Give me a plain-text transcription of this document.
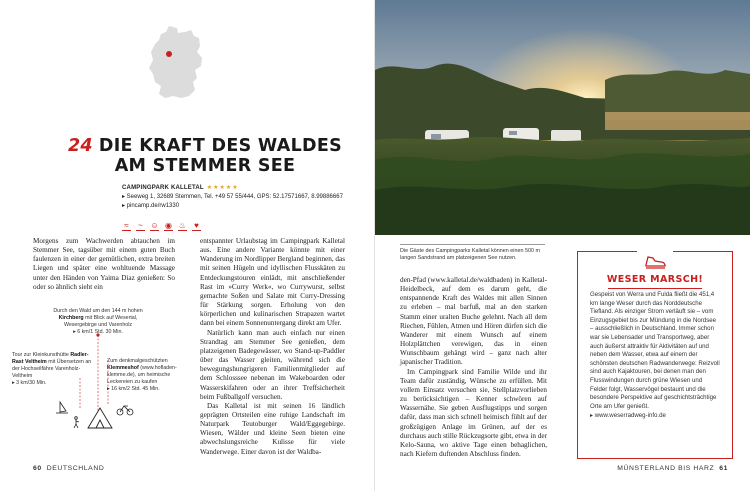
24 DIE KRAFT DES WALDES AM STEMMER SEE
CAMPINGPARK KALLETAL ★★★★★
▸ Seeweg 1, 32689 Stemmen, Tel. +49 57 55/444, GPS: 52.17571667, 8.99886667
▸ pincamp.de/rw1330
≈ ~ ☺ ◉ ♨ ♥

Morgens zum Wachwerden abtauchen im Stemmer See, tagsüber mit einem guten Buch faulenzen in einer der gemütlichen, extra breiten Liegen und später eine wohltuende Massage unter den Händen von Yaima Diaz genießen: So oder so ähnlich sieht ein

Durch den Wald um den 144 m hohen Kirchberg mit Blick auf Wesertal, Wesergebirge und Varenholz
▸ 6 km/1 Std. 30 Min.
Tour zur Kleinkunsthütte Radler-Rast Veltheim mit Übersetzen an der Hochseilfähre Varenholz-Veltheim
▸ 3 km/30 Min.
Zum denkmalgeschützten Klemmeshof (www.hofladen-klemme.de), um heimische Leckereien zu kaufen
▸ 16 km/2 Std. 45 Min.

entspannter Urlaubstag im Campingpark Kalletal aus. Eine andere Variante könnte mit einer Wanderung im Nordlipper Bergland beginnen, das mit seinen Hügeln und idyllischen Flusskäten zu Entdeckungstouren einlädt, mit anschließender Rast im »Curry Werk«, wo Currywurst, selbst gemachte Soßen und Salate mit Curry-Dressing für Stärkung sorgen. Erholung von den körperlichen und kulinarischen Strapazen wartet dann bei einem Sonnenuntergang direkt am Ufer.

Natürlich kann man auch einfach nur einen Strandtag am Stemmer See genießen, dem platzeigenen Badegewässer, wo Stand-up-Paddler über das Wasser gleiten, während sich die bewegungshungrigeren Familienmitglieder auf dem Schlosssee nebenan im Wakeboarden oder Wasserskifahren oder an ihrer Treffsicherheit beim Fußballgolf versuchen.

Das Kalletal ist mit seinen 16 ländlich geprägten Ortsteilen eine ruhige Landschaft im Naturpark Teutoburger Wald/Eggegebirge. Wiesen, Wälder und kleine Seen bieten eine abwechslungsreiche Kulisse für viele Wanderwege. Einer davon ist der Waldba-

60 DEUTSCHLAND
Die Gäste des Campingparks Kalletal können einen 500 m langen Sandstrand am platzeigenen See nutzen.

den-Pfad (www.kalletal.de/waldbaden) in Kalletal-Heidelbeck, auf dem es darum geht, die entspannende Kraft des Waldes mit allen Sinnen zu erleben – mal barfuß, mal an den starken Stamm einer uralten Buche gelehnt. Nach all dem Riechen, Fühlen, Atmen und Hören dürfen sich die Wanderer mit einem Wunsch auf einem Holzplättchen verewigen, das in einen Wunschbaum gehängt wird – ganz nach alter japanischer Tradition.

Im Campingpark sind Familie Wilde und ihr Team dafür zuständig, Wünsche zu erfüllen. Mit vollem Einsatz versuchen sie, Stellplatzvorlieben zu berücksichtigen – Kenner schwören auf Wassernähe. Sie geben Ausflugstipps und sorgen dafür, dass man sich schnell heimisch fühlt auf der großzügigen Anlage im Grünen, auf der es durchaus auch stille Rückzugsorte gibt, etwa in der Kelo-Sauna, wo aktive Tage einen behaglichen, nach Kiefern duftenden Abschluss finden.

WESER MARSCH!
Gespeist von Werra und Fulda fließt die 451,4 km lange Weser durch das Norddeutsche Tiefland. Als einziger Strom verläuft sie – vom Einzugsgebiet bis zur Mündung in die Nordsee – ausschließlich in Deutschland. Immer schon war sie Lebensader und Transportweg, aber auch äußerst attraktiv für Aktivitäten auf und neben dem Wasser, etwa auf einem der schönsten deutschen Radwanderwege: Reizvoll sind auch Kajaktouren, bei denen man den Flusswindungen durch grüne Wiesen und Felder folgt, Wasservögel bestaunt und die besondere Perspektive auf geschichtsträchtige Orte am Ufer genießt.
▸ www.weserradweg-info.de
MÜNSTERLAND BIS HARZ 61
